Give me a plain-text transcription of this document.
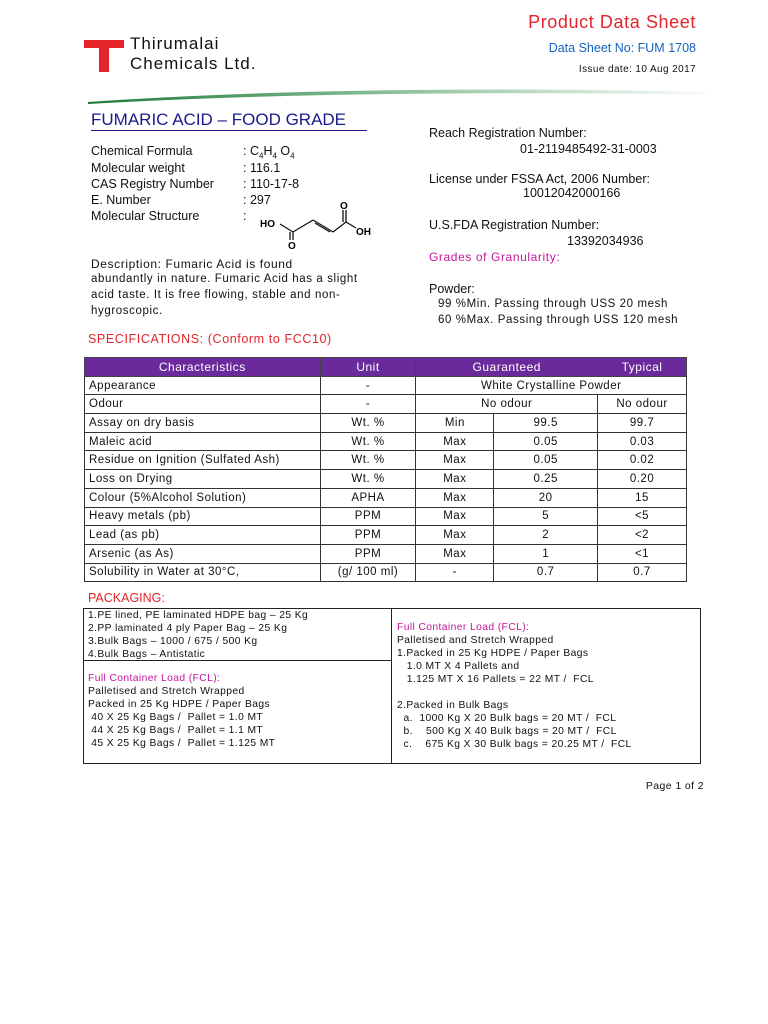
Thirumalai
Chemicals Ltd.
Product Data Sheet
Data Sheet No: FUM 1708
Issue date: 10 Aug 2017
FUMARIC ACID – FOOD GRADE
Chemical Formula	: $C_4H_4$ $O_4$
Molecular weight	: 116.1
CAS Registry Number : 110-17-8
E. Number	: 297
Molecular Structure	:
HO
OH
O
O
Description: Fumaric Acid is found
abundantly in nature. Fumaric Acid has a slight
acid taste. It is free flowing, stable and non-
hygroscopic.
Reach Registration Number:
01-2119485492-31-0003
License under FSSA Act, 2006 Number:
10012042000166
U.S.FDA Registration Number:
13392034936
Grades of Granularity:
Powder:
99 %Min. Passing through USS 20 mesh
60 %Max. Passing through USS 120 mesh
SPECIFICATIONS: (Conform to FCC10)
Characteristics	Unit	Guaranteed		Typical
Appearance	-	White Crystalline Powder		
Odour	-	No odour		No odour
Assay on dry basis	Wt. %	Min	99.5	99.7
Maleic acid	Wt. %	Max	0.05	0.03
Residue on Ignition (Sulfated Ash)	Wt. %	Max	0.05	0.02
Loss on Drying	Wt. %	Max	0.25	0.20
Colour (5%Alcohol Solution)	APHA	Max	20	15
Heavy metals (pb)	PPM	Max	5	<5
Lead (as pb)	PPM	Max	2	<2
Arsenic (as As)	PPM	Max	1	<1
Solubility in Water at 30°C,	(g/ 100 ml)	-	0.7	0.7
PACKAGING:
1.PE lined, PE laminated HDPE bag – 25 Kg
2.PP laminated 4 ply Paper Bag – 25 Kg
3.Bulk Bags – 1000 / 675 / 500 Kg
4.Bulk Bags – Antistatic
Full Container Load (FCL):
Palletised and Stretch Wrapped
Packed in 25 Kg HDPE / Paper Bags
40 X 25 Kg Bags /  Pallet = 1.0 MT
44 X 25 Kg Bags /  Pallet = 1.1 MT
45 X 25 Kg Bags /  Pallet = 1.125 MT
Full Container Load (FCL):
Palletised and Stretch Wrapped
1.Packed in 25 Kg HDPE / Paper Bags
1.0 MT X 4 Pallets and
1.125 MT X 16 Pallets = 22 MT /  FCL
2.Packed in Bulk Bags
a.  1000 Kg X 20 Bulk bags = 20 MT /  FCL
b.    500 Kg X 40 Bulk bags = 20 MT /  FCL
c.    675 Kg X 30 Bulk bags = 20.25 MT /  FCL
Page 1 of 2
